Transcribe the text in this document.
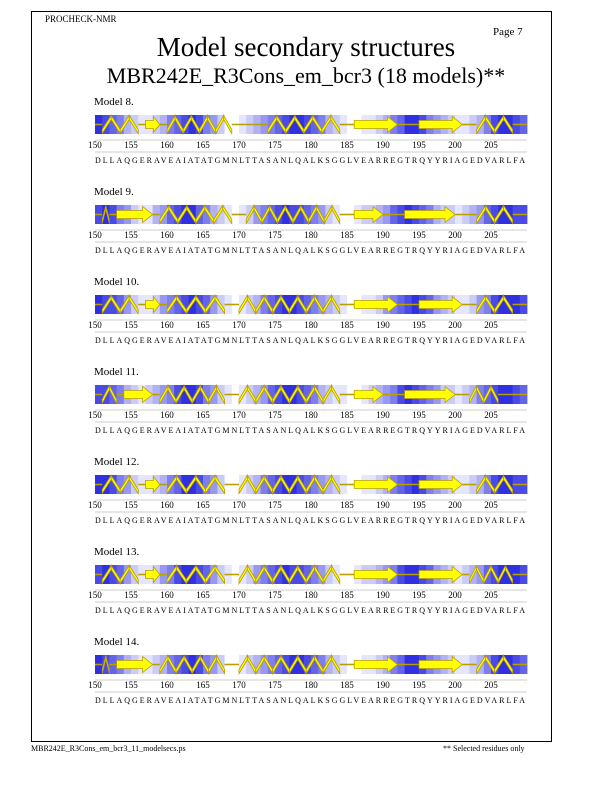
PROCHECK-NMR
Page 7
Model secondary structures
MBR242E_R3Cons_em_bcr3 (18 models)**
Model 8.
150	155	160	165	170	175	180	185	190	195	200	205
DLLAQGERAVEAIATATGMNLTTASANLQALKSGGLVEARREGTRQYYRIAGEDVARLFA
Model 9.
150	155	160	165	170	175	180	185	190	195	200	205
DLLAQGERAVEAIATATGMNLTTASANLQALKSGGLVEARREGTRQYYRIAGEDVARLFA
Model 10.
150	155	160	165	170	175	180	185	190	195	200	205
DLLAQGERAVEAIATATGMNLTTASANLQALKSGGLVEARREGTRQYYRIAGEDVARLFA
Model 11.
150	155	160	165	170	175	180	185	190	195	200	205
DLLAQGERAVEAIATATGMNLTTASANLQALKSGGLVEARREGTRQYYRIAGEDVARLFA
Model 12.
150	155	160	165	170	175	180	185	190	195	200	205
DLLAQGERAVEAIATATGMNLTTASANLQALKSGGLVEARREGTRQYYRIAGEDVARLFA
Model 13.
150	155	160	165	170	175	180	185	190	195	200	205
DLLAQGERAVEAIATATGMNLTTASANLQALKSGGLVEARREGTRQYYRIAGEDVARLFA
Model 14.
150	155	160	165	170	175	180	185	190	195	200	205
DLLAQGERAVEAIATATGMNLTTASANLQALKSGGLVEARREGTRQYYRIAGEDVARLFA
MBR242E_R3Cons_em_bcr3_11_modelsecs.ps	** Selected residues only
